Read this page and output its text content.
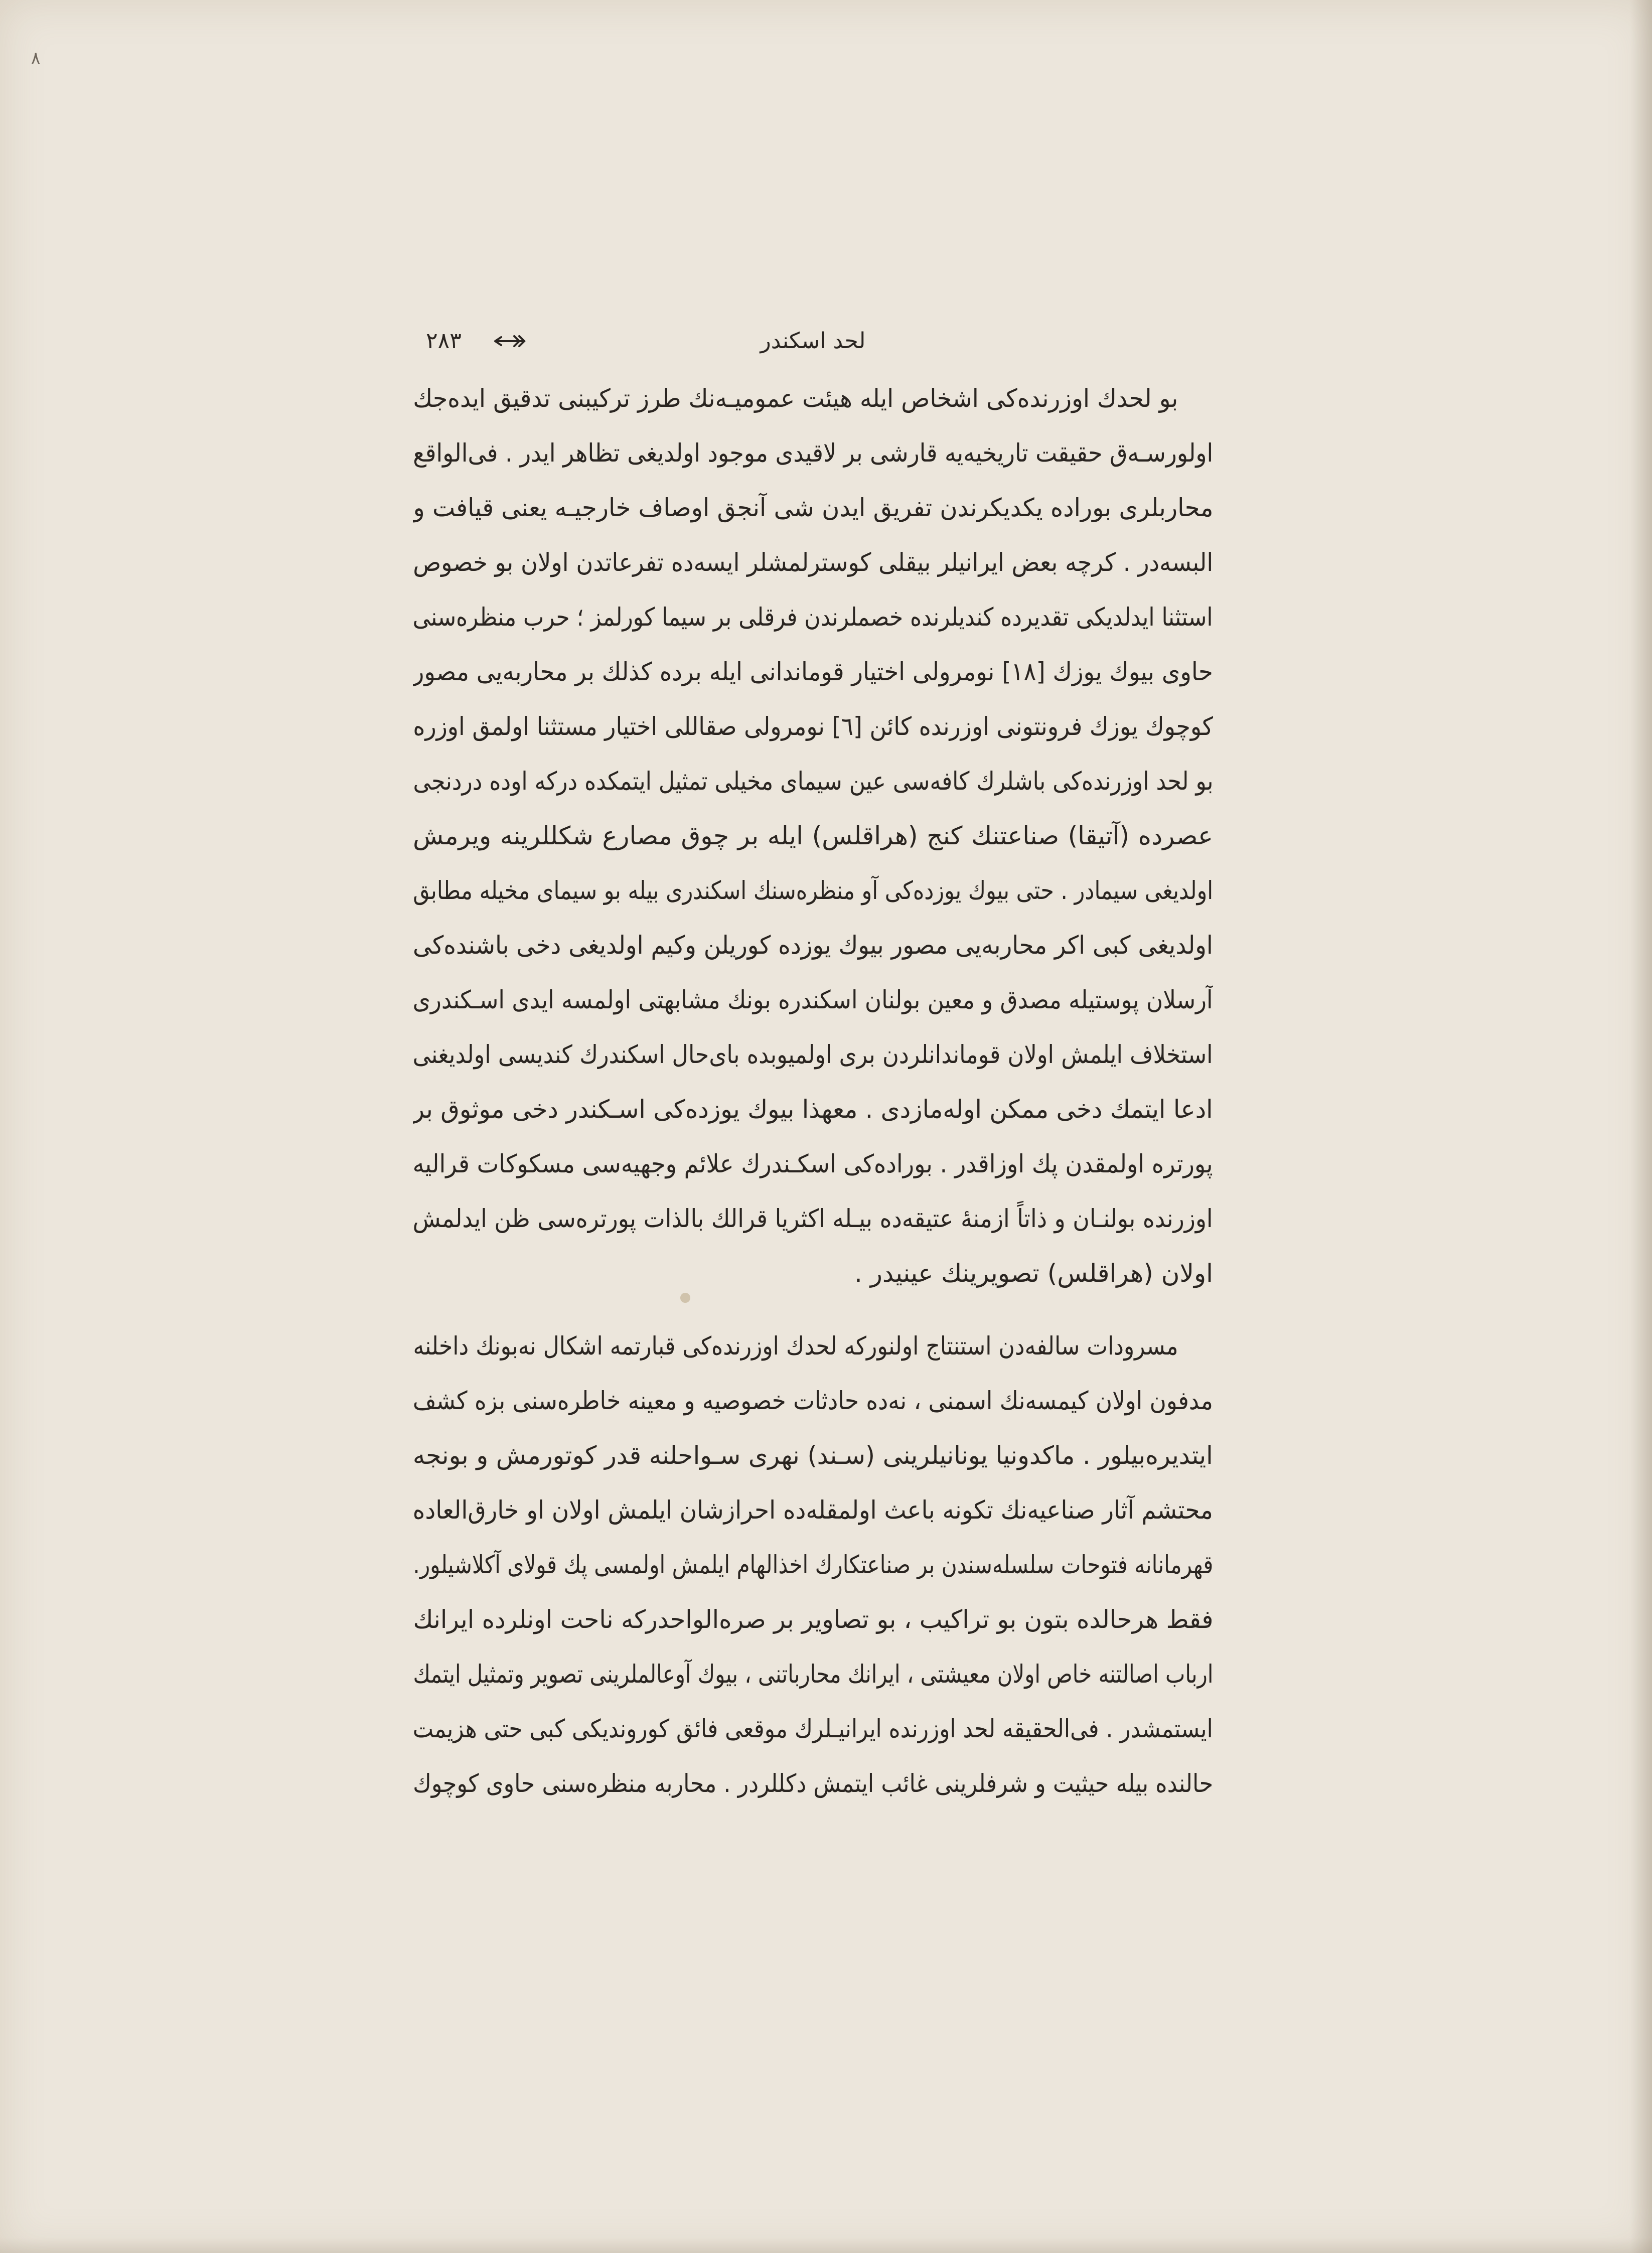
٨
لحد اسکندر
٢٨٣
بو لحدك اوزرنده‌کی اشخاص ایله هیئت عمومیـه‌نك طرز ترکیبنی تدقیق ایده‌جك
اولورسـه‌ق حقیقت تاریخیه‌یه قارشی بر لاقیدی موجود اولدیغی تظاهر ایدر . فی‌الواقع
محاربلری بوراده یکدیکرندن تفریق ایدن شی آنجق اوصاف خارجیـه یعنی قیافت و
البسه‌در . کرچه بعض ایرانیلر بیقلی کوسترلمشلر ایسه‌ده تفرعاتدن اولان بو خصوص
استثنا ایدلدیکی تقدیرده کندیلرنده خصملرندن فرقلی بر سیما کورلمز ؛ حرب منظره‌سنی
حاوی بیوك یوزك [١٨] نومرولی اختیار قوماندانی ایله برده کذلك بر محاربه‌یی مصور
کوچوك یوزك فرونتونی اوزرنده کائن [٦] نومرولی صقاللی اختیار مستثنا اولمق اوزره
بو لحد اوزرنده‌کی باشلرك کافه‌سی عین سیمای مخیلی تمثیل ایتمکده درکه اوده دردنجی
عصرده (آتیقا) صناعتنك کنج (هراقلس) ایله بر چوق مصارع شکللرینه ویرمش
اولدیغی سیمادر . حتی بیوك یوزده‌کی آو منظره‌سنك اسکندری بیله بو سیمای مخیله مطابق
اولدیغی کبی اکر محاربه‌یی مصور بیوك یوزده کوریلن وکیم اولدیغی دخی باشنده‌کی
آرسلان پوستیله مصدق و معین بولنان اسکندره بونك مشابهتی اولمسه ایدی اسـکندری
استخلاف ایلمش اولان قوماندانلردن بری اولمیوبده بای‌حال اسکندرك کندیسی اولدیغنی
ادعا ایتمك دخی ممکن اوله‌مازدی . معهذا بیوك یوزده‌کی اسـکندر دخی موثوق بر
پورتره اولمقدن پك اوزاقدر . بوراده‌کی اسکـندرك علائم وجهیه‌سی مسکوکات قرالیه
اوزرنده بولنـان و ذاتاً ازمنۀ عتیقه‌ده بیـله اکثریا قرالك بالذات پورتره‌سی ظن ایدلمش
اولان (هراقلس) تصویرینك عینیدر .
مسرودات سالفه‌دن استنتاج اولنورکه لحدك اوزرنده‌کی قبارتمه اشکال نه‌بونك داخلنه
مدفون اولان کیمسه‌نك اسمنی ، نه‌ده حادثات خصوصیه و معینه خاطره‌سنی بزه کشف
ایتدیره‌بیلور . ماکدونیا یونانیلرینی (سـند) نهری سـواحلنه قدر کوتورمش و بونجه
محتشم آثار صناعیه‌نك تکونه باعث اولمقله‌ده احرازشان ایلمش اولان او خارق‌العاده
قهرمانانه فتوحات سلسله‌سندن بر صناعتکارك اخذالهام ایلمش اولمسی پك قولای آکلاشیلور.
فقط هرحالده بتون بو تراکیب ، بو تصاویر بر صره‌الواحدرکه ناحت اونلرده ایرانك
ارباب اصالتنه خاص اولان معیشتی ، ایرانك محارباتنی ، بیوك آوعالملرینی تصویر وتمثیل ایتمك
ایستمشدر . فی‌الحقیقه لحد اوزرنده ایرانیـلرك موقعی فائق کوروندیکی کبی حتی هزیمت
حالنده بیله حیثیت و شرفلرینی غائب ایتمش دکللردر . محاربه منظره‌سنی حاوی کوچوك
